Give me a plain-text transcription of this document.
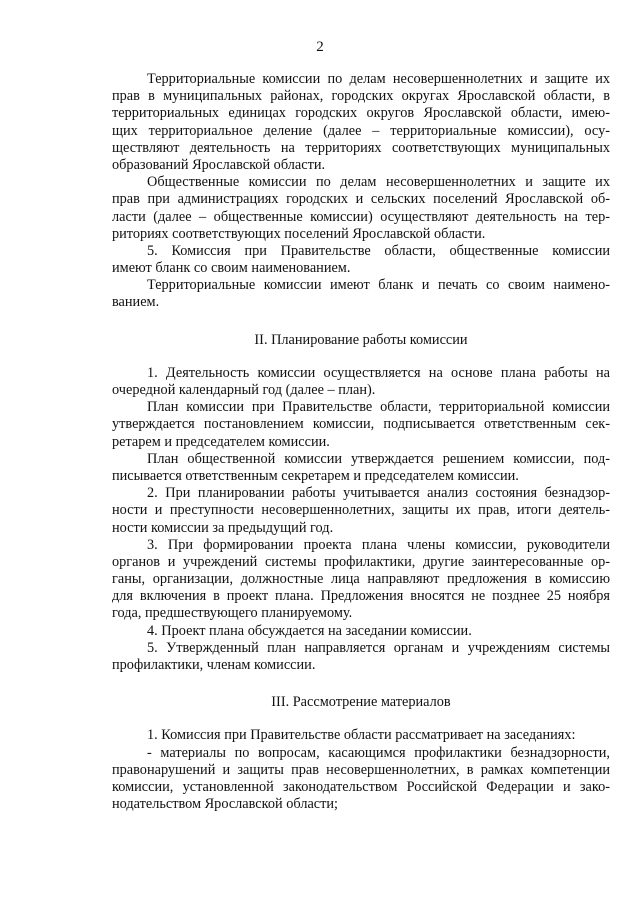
2
Территориальные комиссии по делам несовершеннолетних и защите их
прав в муниципальных районах, городских округах Ярославской области, в
территориальных единицах городских округов Ярославской области, имею-
щих территориальное деление (далее – территориальные комиссии), осу-
ществляют деятельность на территориях соответствующих муниципальных
образований Ярославской области.
Общественные комиссии по делам несовершеннолетних и защите их
прав при администрациях городских и сельских поселений Ярославской об-
ласти (далее – общественные комиссии) осуществляют деятельность на тер-
риториях соответствующих поселений Ярославской области.
5. Комиссия при Правительстве области, общественные комиссии
имеют бланк со своим наименованием.
Территориальные комиссии имеют бланк и печать со своим наимено-
ванием.
II. Планирование работы комиссии
1. Деятельность комиссии осуществляется на основе плана работы на
очередной календарный год (далее – план).
План комиссии при Правительстве области, территориальной комиссии
утверждается постановлением комиссии, подписывается ответственным сек-
ретарем и председателем комиссии.
План общественной комиссии утверждается решением комиссии, под-
писывается ответственным секретарем и председателем комиссии.
2. При планировании работы учитывается анализ состояния безнадзор-
ности и преступности несовершеннолетних, защиты их прав, итоги деятель-
ности комиссии за предыдущий год.
3. При формировании проекта плана члены комиссии, руководители
органов и учреждений системы профилактики, другие заинтересованные ор-
ганы, организации, должностные лица направляют предложения в комиссию
для включения в проект плана. Предложения вносятся не позднее 25 ноября
года, предшествующего планируемому.
4. Проект плана обсуждается на заседании комиссии.
5. Утвержденный план направляется органам и учреждениям системы
профилактики, членам комиссии.
III. Рассмотрение материалов
1. Комиссия при Правительстве области рассматривает на заседаниях:
- материалы по вопросам, касающимся профилактики безнадзорности,
правонарушений и защиты прав несовершеннолетних, в рамках компетенции
комиссии, установленной законодательством Российской Федерации и зако-
нодательством Ярославской области;
